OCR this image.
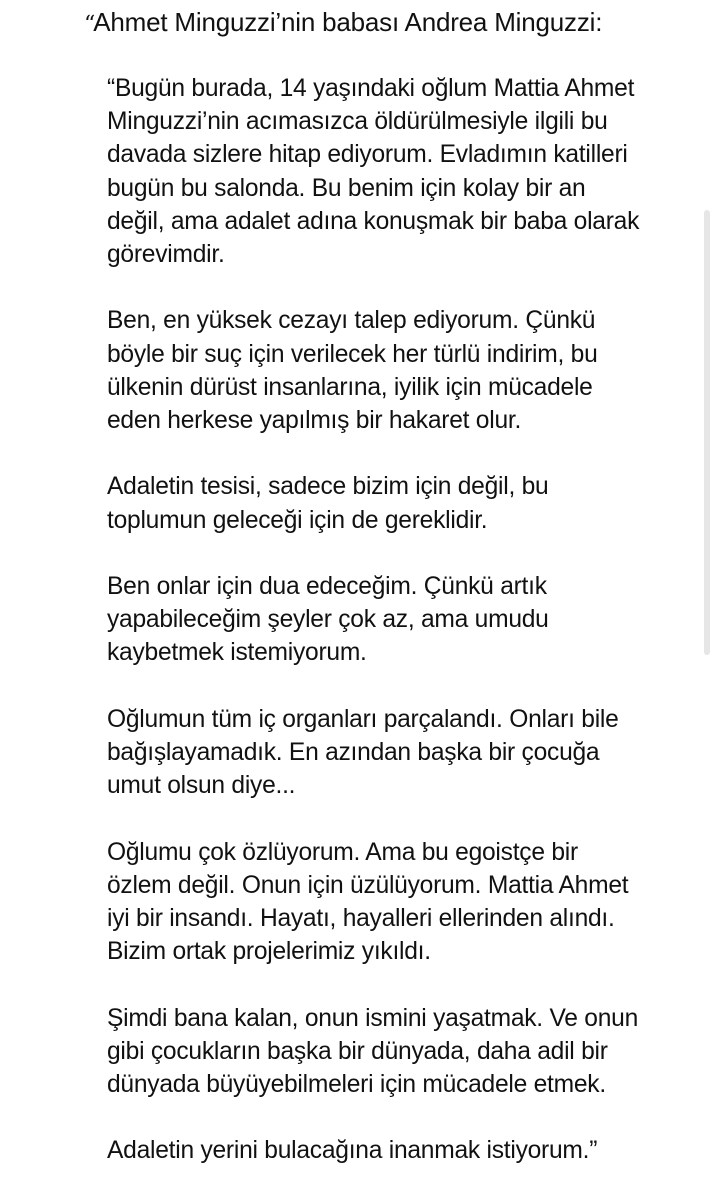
“Ahmet Minguzzi’nin babası Andrea Minguzzi:
“Bugün burada, 14 yaşındaki oğlum Mattia Ahmet
Minguzzi’nin acımasızca öldürülmesiyle ilgili bu
davada sizlere hitap ediyorum. Evladımın katilleri
bugün bu salonda. Bu benim için kolay bir an
değil, ama adalet adına konuşmak bir baba olarak
görevimdir.
Ben, en yüksek cezayı talep ediyorum. Çünkü
böyle bir suç için verilecek her türlü indirim, bu
ülkenin dürüst insanlarına, iyilik için mücadele
eden herkese yapılmış bir hakaret olur.
Adaletin tesisi, sadece bizim için değil, bu
toplumun geleceği için de gereklidir.
Ben onlar için dua edeceğim. Çünkü artık
yapabileceğim şeyler çok az, ama umudu
kaybetmek istemiyorum.
Oğlumun tüm iç organları parçalandı. Onları bile
bağışlayamadık. En azından başka bir çocuğa
umut olsun diye...
Oğlumu çok özlüyorum. Ama bu egoistçe bir
özlem değil. Onun için üzülüyorum. Mattia Ahmet
iyi bir insandı. Hayatı, hayalleri ellerinden alındı.
Bizim ortak projelerimiz yıkıldı.
Şimdi bana kalan, onun ismini yaşatmak. Ve onun
gibi çocukların başka bir dünyada, daha adil bir
dünyada büyüyebilmeleri için mücadele etmek.
Adaletin yerini bulacağına inanmak istiyorum.”
